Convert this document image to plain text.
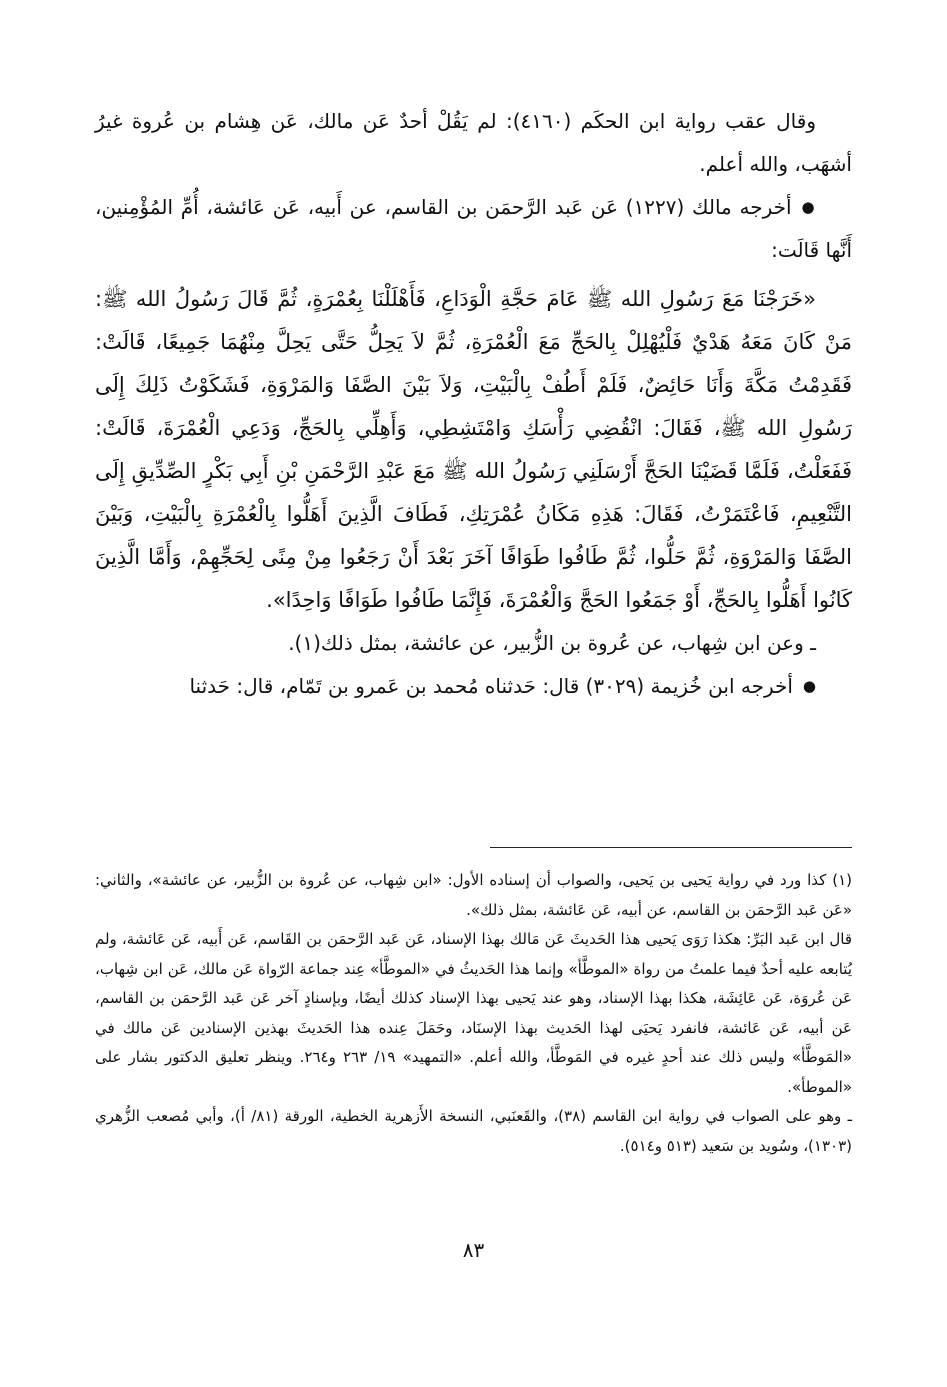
وقال عقب رواية ابن الحكَم (٤١٦٠): لم يَقُلْ أحدٌ عَن مالك، عَن هِشام بن عُروة غيرُ أشهَب، والله أعلم.

● أخرجه مالك (١٢٢٧) عَن عَبد الرَّحمَن بن القاسم، عن أَبيه، عَن عَائشة، أُمِّ المُؤْمِنين، أَنَّها قَالَت:

«خَرَجْنَا مَعَ رَسُولِ الله ﷺ عَامَ حَجَّةِ الْوَدَاعِ، فَأَهْلَلْنَا بِعُمْرَةٍ، ثُمَّ قَالَ رَسُولُ الله ﷺ: مَنْ كَانَ مَعَهُ هَدْيٌ فَلْيُهْلِلْ بِالحَجِّ مَعَ الْعُمْرَةِ، ثُمَّ لاَ يَحِلُّ حَتَّى يَحِلَّ مِنْهُمَا جَمِيعًا، قَالَتْ: فَقَدِمْتُ مَكَّةَ وَأَنَا حَائِضٌ، فَلَمْ أَطُفْ بِالْبَيْتِ، وَلاَ بَيْنَ الصَّفَا وَالمَرْوَةِ، فَشَكَوْتُ ذَلِكَ إِلَى رَسُولِ الله ﷺ، فَقَالَ: انْقُضِي رَأْسَكِ وَامْتَشِطِي، وَأَهِلِّي بِالحَجِّ، وَدَعِي الْعُمْرَةَ، قَالَتْ: فَفَعَلْتُ، فَلَمَّا قَضَيْنَا الحَجَّ أَرْسَلَنِي رَسُولُ الله ﷺ مَعَ عَبْدِ الرَّحْمَنِ بْنِ أَبِي بَكْرٍ الصِّدِّيقِ إِلَى التَّنْعِيمِ، فَاعْتَمَرْتُ، فَقَالَ: هَذِهِ مَكَانُ عُمْرَتِكِ، فَطَافَ الَّذِينَ أَهَلُّوا بِالْعُمْرَةِ بِالْبَيْتِ، وَبَيْنَ الصَّفَا وَالمَرْوَةِ، ثُمَّ حَلُّوا، ثُمَّ طَافُوا طَوَافًا آخَرَ بَعْدَ أَنْ رَجَعُوا مِنْ مِنًى لِحَجِّهِمْ، وَأَمَّا الَّذِينَ كَانُوا أَهَلُّوا بِالحَجِّ، أَوْ جَمَعُوا الحَجَّ وَالْعُمْرَةَ، فَإِنَّمَا طَافُوا طَوَافًا وَاحِدًا».

ـ وعن ابن شِهاب، عن عُروة بن الزُّبير، عن عائشة، بمثل ذلك(١).

● أخرجه ابن خُزيمة (٣٠٢٩) قال: حَدثناه مُحمد بن عَمرو بن تَمّام، قال: حَدثنا

(١) كذا ورد في رواية يَحيى بن يَحيى، والصواب أن إسناده الأول: «ابن شِهاب، عن عُروة بن الزُّبير، عن عائشة»، والثاني: «عَن عَبد الرَّحمَن بن القاسم، عن أبيه، عَن عَائشة، بمثل ذلك».

قال ابن عَبد البَرِّ: هكذا رَوَى يَحيى هذا الحَديثَ عَن مَالك بهذا الإسناد، عَن عَبد الرَّحمَن بن القَاسم، عَن أَبيه، عَن عَائشة، ولم يُتابعه عليه أحدٌ فيما علمتُ من رواة «الموطَّأ» وإنما هذا الحَديثُ في «الموطَّأ» عِند جماعة الرّواة عَن مالك، عَن ابن شِهاب، عَن عُروَة، عَن عَائِشَة، هكذا بهذا الإسناد، وهو عند يَحيى بهذا الإسناد كذلك أيضًا، وبإسنادٍ آخر عَن عَبد الرَّحمَن بن القاسم، عَن أبيه، عَن عَائشة، فانفرد يَحيَى لهذا الحَديث بهذا الإسنَاد، وحَمَلَ عِنده هذا الحَديثَ بهذين الإسنادين عَن مالك في «المَوطَّأ» وليس ذلك عند أحدٍ غيره في المَوطَّأ، والله أعلم. «التمهيد» ١٩/ ٢٦٣ و٢٦٤. وينظر تعليق الدكتور بشار على «الموطأ».

ـ وهو على الصواب في رواية ابن القاسم (٣٨)، والقَعنَبي، النسخة الأَزهرية الخطية، الورقة (٨١/ أ)، وأبي مُصعب الزُّهري (١٣٠٣)، وسُويد بن سَعيد (٥١٣ و٥١٤).

٨٣
